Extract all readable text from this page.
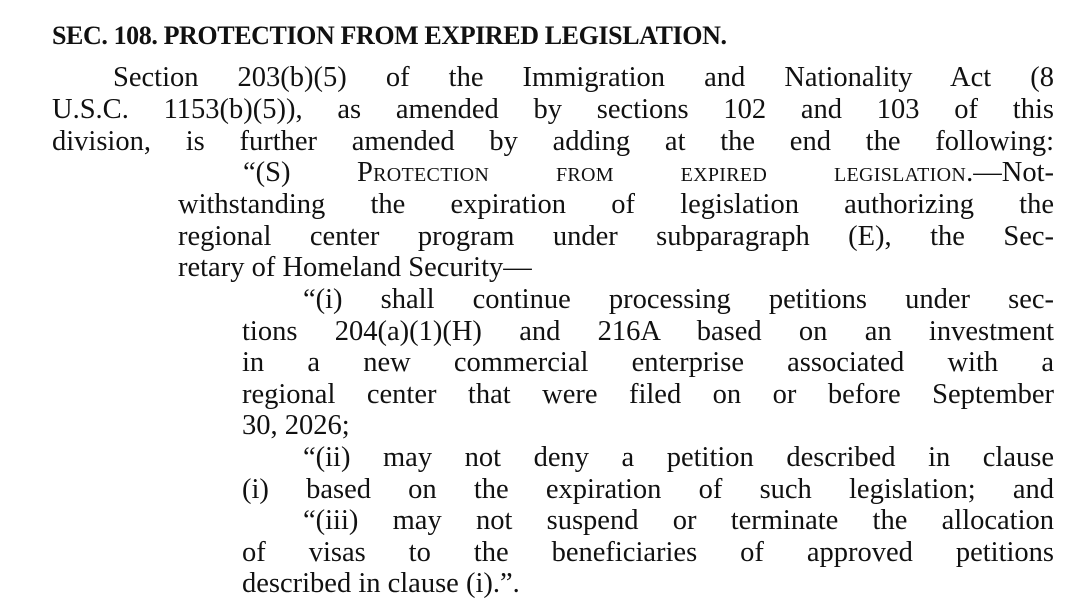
SEC. 108. PROTECTION FROM EXPIRED LEGISLATION.
Section 203(b)(5) of the Immigration and Nationality Act (8
U.S.C. 1153(b)(5)), as amended by sections 102 and 103 of this
division, is further amended by adding at the end the following:
“(S) Protection from expired legislation.—Not-
withstanding the expiration of legislation authorizing the
regional center program under subparagraph (E), the Sec-
retary of Homeland Security—
“(i) shall continue processing petitions under sec-
tions 204(a)(1)(H) and 216A based on an investment
in a new commercial enterprise associated with a
regional center that were filed on or before September
30, 2026;
“(ii) may not deny a petition described in clause
(i) based on the expiration of such legislation; and
“(iii) may not suspend or terminate the allocation
of visas to the beneficiaries of approved petitions
described in clause (i).”.
